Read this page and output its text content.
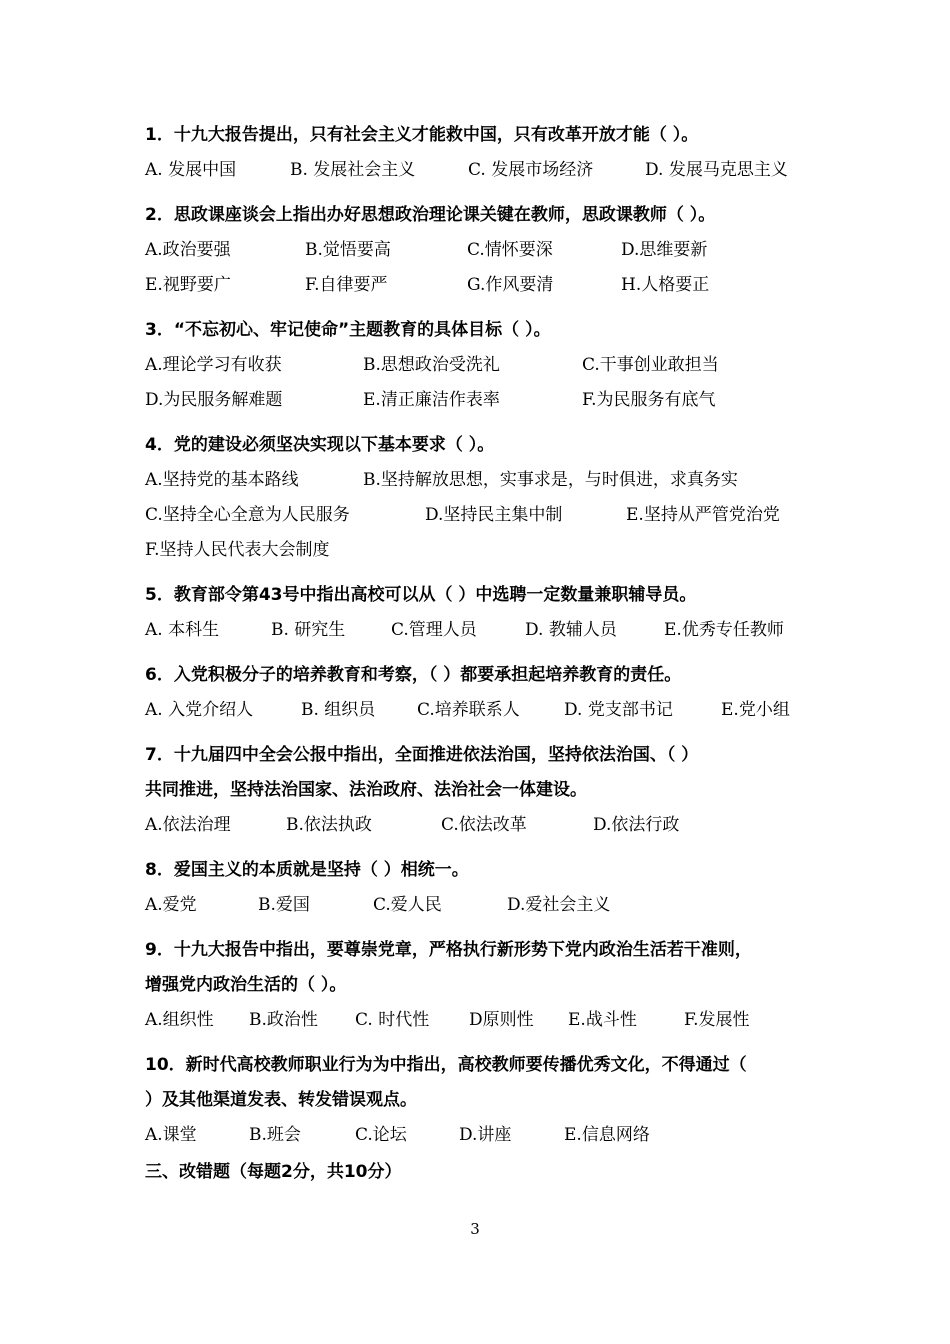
1．十九大报告提出，只有社会主义才能救中国，只有改革开放才能（ ）。
A. 发展中国	B. 发展社会主义	C. 发展市场经济	D. 发展马克思主义
2．思政课座谈会上指出办好思想政治理论课关键在教师，思政课教师（ ）。
A.政治要强	B.觉悟要高	C.情怀要深	D.思维要新
E.视野要广	F.自律要严	G.作风要清	H.人格要正
3．“不忘初心、牢记使命”主题教育的具体目标（ ）。
A.理论学习有收获	B.思想政治受洗礼	C.干事创业敢担当
D.为民服务解难题	E.清正廉洁作表率	F.为民服务有底气
4．党的建设必须坚决实现以下基本要求（ ）。
A.坚持党的基本路线	B.坚持解放思想，实事求是，与时俱进，求真务实
C.坚持全心全意为人民服务	D.坚持民主集中制	E.坚持从严管党治党
F.坚持人民代表大会制度
5．教育部令第43号中指出高校可以从（ ）中选聘一定数量兼职辅导员。
A. 本科生	B. 研究生	C.管理人员	D. 教辅人员	E.优秀专任教师
6．入党积极分子的培养教育和考察，（ ）都要承担起培养教育的责任。
A. 入党介绍人	B. 组织员 C.培养联系人	D. 党支部书记	E.党小组
7．十九届四中全会公报中指出，全面推进依法治国，坚持依法治国、（ ）
共同推进，坚持法治国家、法治政府、法治社会一体建设。
A.依法治理	B.依法执政	C.依法改革	D.依法行政
8．爱国主义的本质就是坚持（ ）相统一。
A.爱党	B.爱国	C.爱人民	D.爱社会主义
9．十九大报告中指出，要尊崇党章，严格执行新形势下党内政治生活若干准则，
增强党内政治生活的（ ）。
A.组织性 B.政治性 C. 时代性 D原则性 E.战斗性	F.发展性
10．新时代高校教师职业行为为中指出，高校教师要传播优秀文化，不得通过（
）及其他渠道发表、转发错误观点。
A.课堂	B.班会	C.论坛	D.讲座	E.信息网络
三、改错题（每题2分，共10分）
3
